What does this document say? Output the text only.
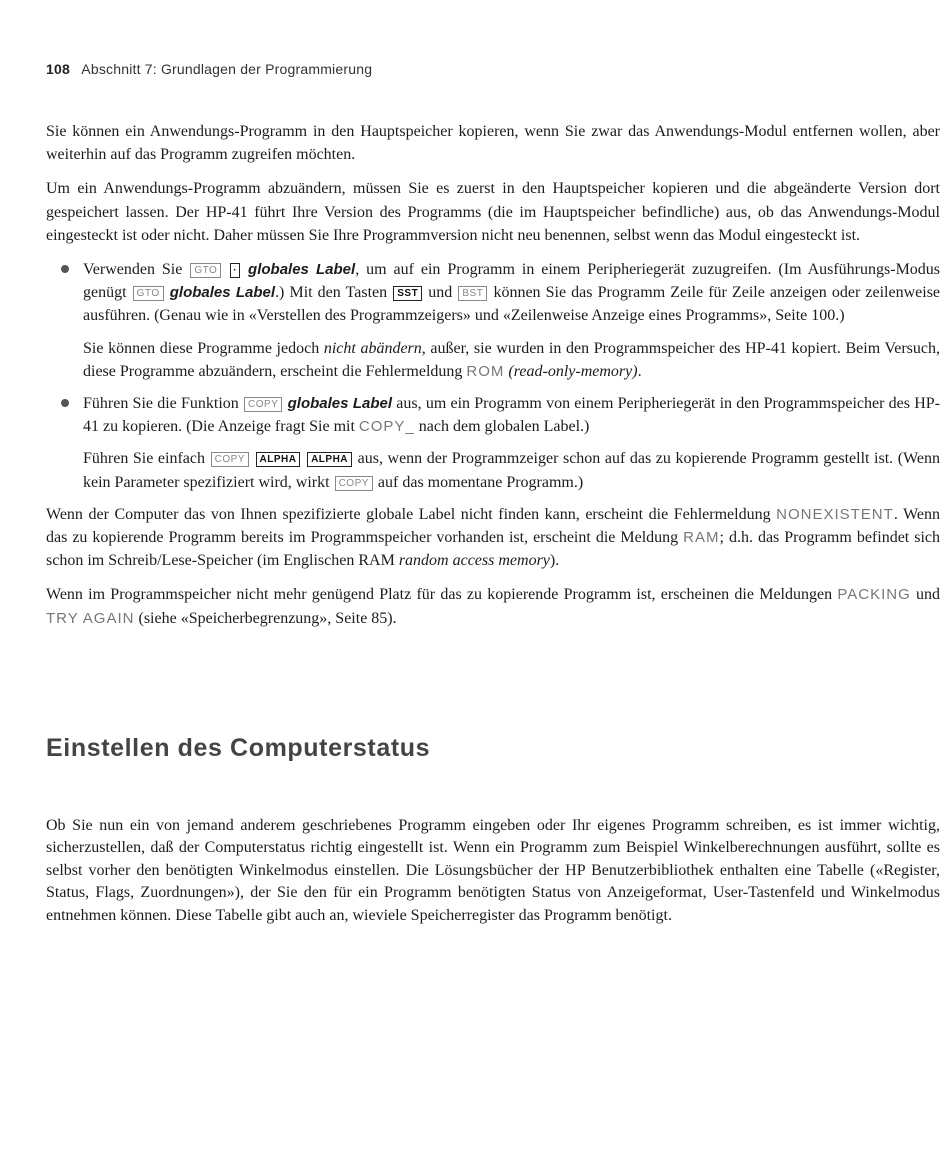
108 Abschnitt 7: Grundlagen der Programmierung

Sie können ein Anwendungs-Programm in den Hauptspeicher kopieren, wenn Sie zwar das Anwendungs-Modul entfernen wollen, aber weiterhin auf das Programm zugreifen möchten.

Um ein Anwendungs-Programm abzuändern, müssen Sie es zuerst in den Hauptspeicher kopieren und die abgeänderte Version dort gespeichert lassen. Der HP-41 führt Ihre Version des Programms (die im Hauptspeicher befindliche) aus, ob das Anwendungs-Modul eingesteckt ist oder nicht. Daher müssen Sie Ihre Programmversion nicht neu benennen, selbst wenn das Modul eingesteckt ist.

Verwenden Sie GTO · globales Label, um auf ein Programm in einem Peripheriegerät zuzugreifen. (Im Ausführungs-Modus genügt GTO globales Label.) Mit den Tasten SST und BST können Sie das Programm Zeile für Zeile anzeigen oder zeilenweise ausführen. (Genau wie in «Verstellen des Programmzeigers» und «Zeilenweise Anzeige eines Programms», Seite 100.)

Sie können diese Programme jedoch nicht abändern, außer, sie wurden in den Programmspeicher des HP-41 kopiert. Beim Versuch, diese Programme abzuändern, erscheint die Fehlermeldung ROM (read-only-memory).

Führen Sie die Funktion COPY globales Label aus, um ein Programm von einem Peripheriegerät in den Programmspeicher des HP-41 zu kopieren. (Die Anzeige fragt Sie mit COPY_ nach dem globalen Label.)

Führen Sie einfach COPY ALPHA ALPHA aus, wenn der Programmzeiger schon auf das zu kopierende Programm gestellt ist. (Wenn kein Parameter spezifiziert wird, wirkt COPY auf das momentane Programm.)

Wenn der Computer das von Ihnen spezifizierte globale Label nicht finden kann, erscheint die Fehlermeldung NONEXISTENT. Wenn das zu kopierende Programm bereits im Programmspeicher vorhanden ist, erscheint die Meldung RAM; d.h. das Programm befindet sich schon im Schreib/Lese-Speicher (im Englischen RAM random access memory).

Wenn im Programmspeicher nicht mehr genügend Platz für das zu kopierende Programm ist, erscheinen die Meldungen PACKING und TRY AGAIN (siehe «Speicherbegrenzung», Seite 85).

Einstellen des Computerstatus

Ob Sie nun ein von jemand anderem geschriebenes Programm eingeben oder Ihr eigenes Programm schreiben, es ist immer wichtig, sicherzustellen, daß der Computerstatus richtig eingestellt ist. Wenn ein Programm zum Beispiel Winkelberechnungen ausführt, sollte es selbst vorher den benötigten Winkelmodus einstellen. Die Lösungsbücher der HP Benutzerbibliothek enthalten eine Tabelle («Register, Status, Flags, Zuordnungen»), der Sie den für ein Programm benötigten Status von Anzeigeformat, User-Tastenfeld und Winkelmodus entnehmen können. Diese Tabelle gibt auch an, wieviele Speicherregister das Programm benötigt.
